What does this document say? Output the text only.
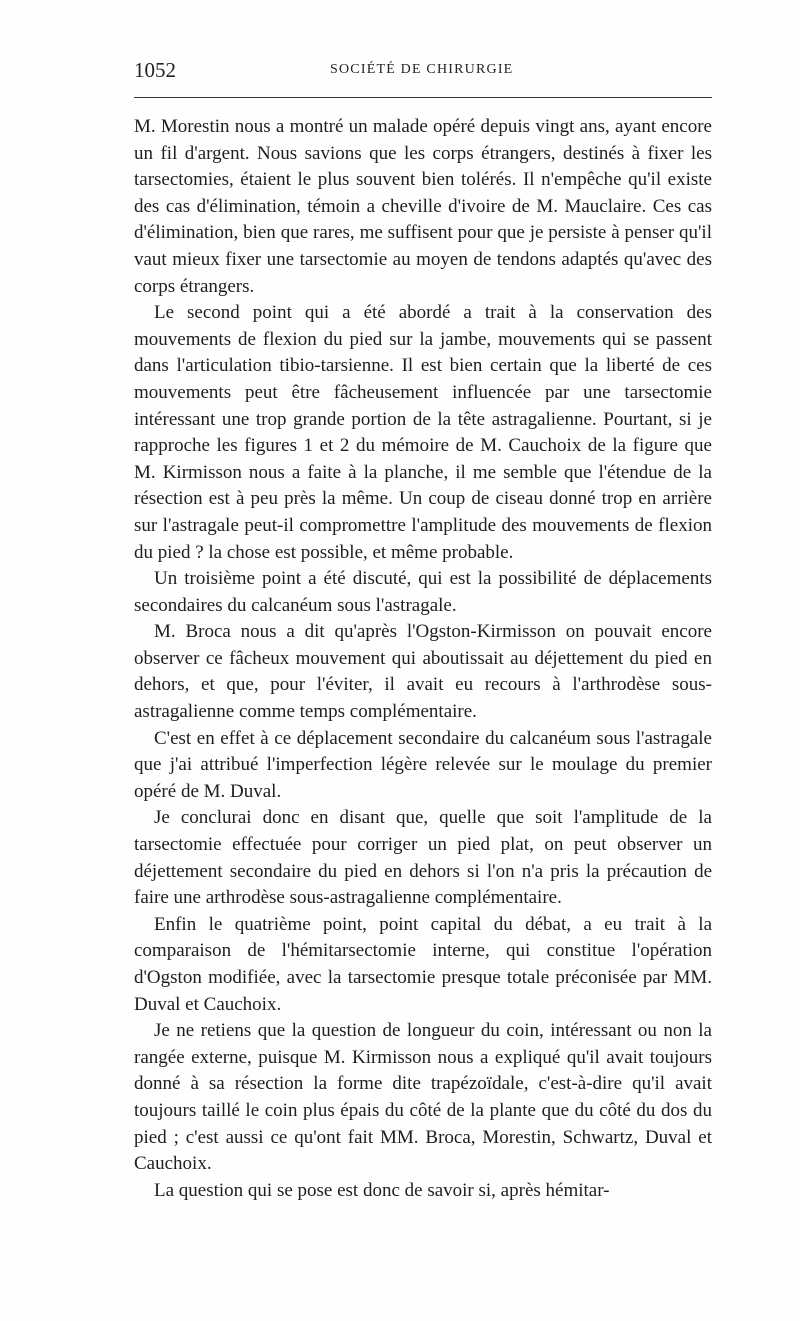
1052	SOCIÉTÉ DE CHIRURGIE

M. Morestin nous a montré un malade opéré depuis vingt ans, ayant encore un fil d'argent. Nous savions que les corps étrangers, destinés à fixer les tarsectomies, étaient le plus souvent bien tolérés. Il n'empêche qu'il existe des cas d'élimination, témoin a cheville d'ivoire de M. Mauclaire. Ces cas d'élimination, bien que rares, me suffisent pour que je persiste à penser qu'il vaut mieux fixer une tarsectomie au moyen de tendons adaptés qu'avec des corps étrangers.

Le second point qui a été abordé a trait à la conservation des mouvements de flexion du pied sur la jambe, mouvements qui se passent dans l'articulation tibio-tarsienne. Il est bien certain que la liberté de ces mouvements peut être fâcheusement influencée par une tarsectomie intéressant une trop grande portion de la tête astragalienne. Pourtant, si je rapproche les figures 1 et 2 du mémoire de M. Cauchoix de la figure que M. Kirmisson nous a faite à la planche, il me semble que l'étendue de la résection est à peu près la même. Un coup de ciseau donné trop en arrière sur l'astragale peut-il compromettre l'amplitude des mouvements de flexion du pied ? la chose est possible, et même probable.

Un troisième point a été discuté, qui est la possibilité de déplacements secondaires du calcanéum sous l'astragale.

M. Broca nous a dit qu'après l'Ogston-Kirmisson on pouvait encore observer ce fâcheux mouvement qui aboutissait au déjettement du pied en dehors, et que, pour l'éviter, il avait eu recours à l'arthrodèse sous-astragalienne comme temps complémentaire.

C'est en effet à ce déplacement secondaire du calcanéum sous l'astragale que j'ai attribué l'imperfection légère relevée sur le moulage du premier opéré de M. Duval.

Je conclurai donc en disant que, quelle que soit l'amplitude de la tarsectomie effectuée pour corriger un pied plat, on peut observer un déjettement secondaire du pied en dehors si l'on n'a pris la précaution de faire une arthrodèse sous-astragalienne complémentaire.

Enfin le quatrième point, point capital du débat, a eu trait à la comparaison de l'hémitarsectomie interne, qui constitue l'opération d'Ogston modifiée, avec la tarsectomie presque totale préconisée par MM. Duval et Cauchoix.

Je ne retiens que la question de longueur du coin, intéressant ou non la rangée externe, puisque M. Kirmisson nous a expliqué qu'il avait toujours donné à sa résection la forme dite trapézoïdale, c'est-à-dire qu'il avait toujours taillé le coin plus épais du côté de la plante que du côté du dos du pied ; c'est aussi ce qu'ont fait MM. Broca, Morestin, Schwartz, Duval et Cauchoix.

La question qui se pose est donc de savoir si, après hémitar-
